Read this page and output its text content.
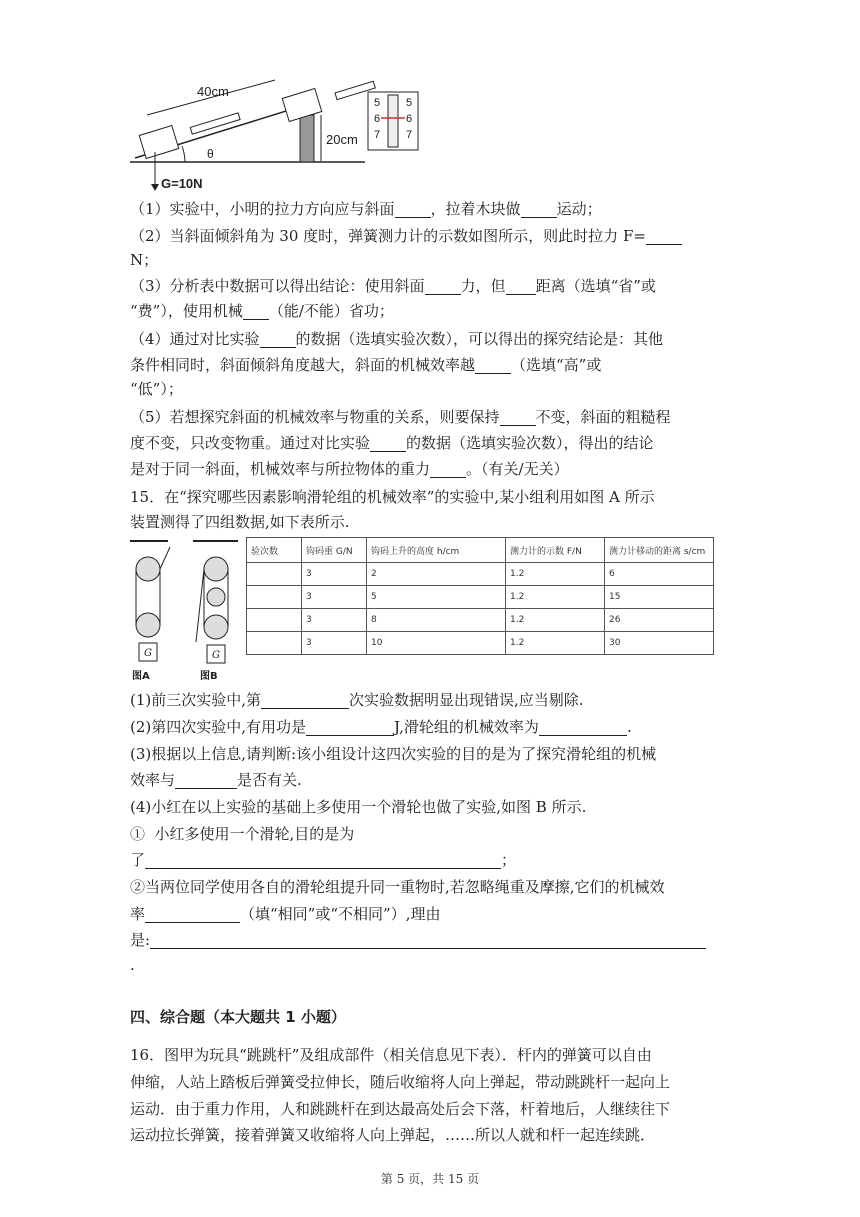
40cm
20cm
θ
G=10N
5
6
7
5
6
7
（1）实验中，小明的拉力方向应与斜面 ，拉着木块做 运动；
（2）当斜面倾斜角为 30 度时，弹簧测力计的示数如图所示，则此时拉力 F=
N；
（3）分析表中数据可以得出结论：使用斜面 力，但 距离（选填“省”或
“费”），使用机械 （能/不能）省功；
（4）通过对比实验 的数据（选填实验次数），可以得出的探究结论是：其他
条件相同时，斜面倾斜角度越大，斜面的机械效率越 （选填“高”或
“低”）；
（5）若想探究斜面的机械效率与物重的关系，则要保持 不变，斜面的粗糙程
度不变，只改变物重。通过对比实验 的数据（选填实验次数），得出的结论
是对于同一斜面，机械效率与所拉物体的重力 。（有关/无关）
15．在“探究哪些因素影响滑轮组的机械效率”的实验中,某小组利用如图 A 所示
装置测得了四组数据,如下表所示.
G	G
图A	图B
验次数	钩码重 G/N	钩码上升的高度 h/cm	测力计的示数 F/N	测力计移动的距离 s/cm
	3	2	1.2	6
	3	5	1.2	15
	3	8	1.2	26
	3	10	1.2	30
(1)前三次实验中,第	次实验数据明显出现错误,应当剔除.
(2)第四次实验中,有用功是	J,滑轮组的机械效率为	.
(3)根据以上信息,请判断:该小组设计这四次实验的目的是为了探究滑轮组的机械
效率与	是否有关.
(4)小红在以上实验的基础上多使用一个滑轮也做了实验,如图 B 所示.
①  小红多使用一个滑轮,目的是为
了	；
②当两位同学使用各自的滑轮组提升同一重物时,若忽略绳重及摩擦,它们的机械效
率	（填“相同”或“不相同”）,理由
是:
.
四、综合题（本大题共 1 小题）
16．图甲为玩具“跳跳杆”及组成部件（相关信息见下表）．杆内的弹簧可以自由
伸缩，人站上踏板后弹簧受拉伸长，随后收缩将人向上弹起，带动跳跳杆一起向上
运动．由于重力作用，人和跳跳杆在到达最高处后会下落，杆着地后，人继续往下
运动拉长弹簧，接着弹簧又收缩将人向上弹起，……所以人就和杆一起连续跳．
第 5 页，共 15 页
